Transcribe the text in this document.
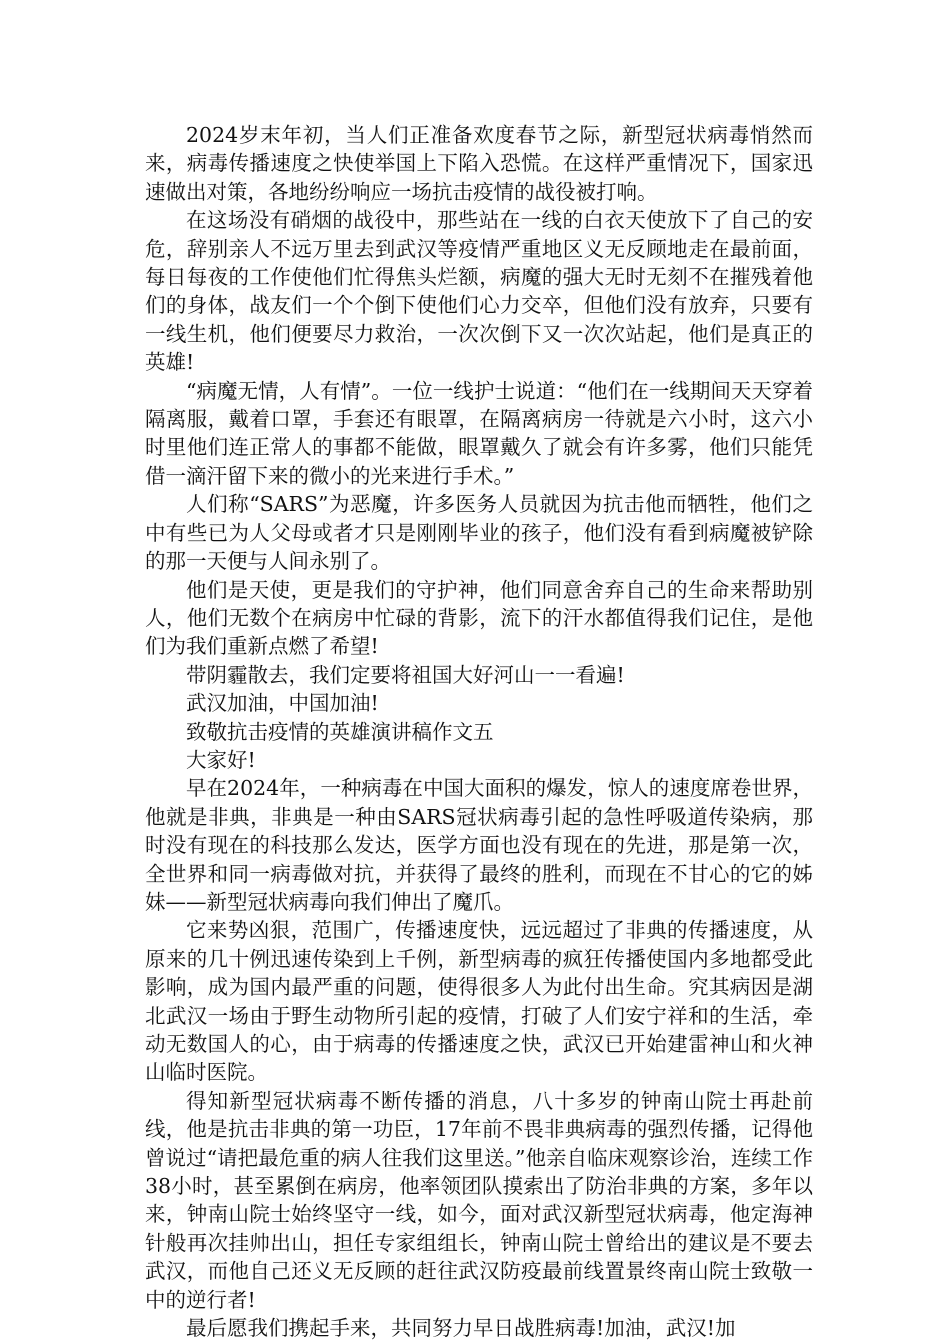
2024岁末年初，当人们正准备欢度春节之际，新型冠状病毒悄然而来，病毒传播速度之快使举国上下陷入恐慌。在这样严重情况下，国家迅速做出对策，各地纷纷响应一场抗击疫情的战役被打响。

在这场没有硝烟的战役中，那些站在一线的白衣天使放下了自己的安危，辞别亲人不远万里去到武汉等疫情严重地区义无反顾地走在最前面，每日每夜的工作使他们忙得焦头烂额，病魔的强大无时无刻不在摧残着他们的身体，战友们一个个倒下使他们心力交卒，但他们没有放弃，只要有一线生机，他们便要尽力救治，一次次倒下又一次次站起，他们是真正的英雄!

“病魔无情，人有情”。一位一线护士说道：“他们在一线期间天天穿着隔离服，戴着口罩，手套还有眼罩，在隔离病房一待就是六小时，这六小时里他们连正常人的事都不能做，眼罩戴久了就会有许多雾，他们只能凭借一滴汗留下来的微小的光来进行手术。”

人们称“SARS”为恶魔，许多医务人员就因为抗击他而牺牲，他们之中有些已为人父母或者才只是刚刚毕业的孩子，他们没有看到病魔被铲除的那一天便与人间永别了。

他们是天使，更是我们的守护神，他们同意舍弃自己的生命来帮助别人，他们无数个在病房中忙碌的背影，流下的汗水都值得我们记住，是他们为我们重新点燃了希望!

带阴霾散去，我们定要将祖国大好河山一一看遍!

武汉加油，中国加油!

致敬抗击疫情的英雄演讲稿作文五

大家好!

早在2024年，一种病毒在中国大面积的爆发，惊人的速度席卷世界，他就是非典，非典是一种由SARS冠状病毒引起的急性呼吸道传染病，那时没有现在的科技那么发达，医学方面也没有现在的先进，那是第一次，全世界和同一病毒做对抗，并获得了最终的胜利，而现在不甘心的它的姊妹——新型冠状病毒向我们伸出了魔爪。

它来势凶狠，范围广，传播速度快，远远超过了非典的传播速度，从原来的几十例迅速传染到上千例，新型病毒的疯狂传播使国内多地都受此影响，成为国内最严重的问题，使得很多人为此付出生命。究其病因是湖北武汉一场由于野生动物所引起的疫情，打破了人们安宁祥和的生活，牵动无数国人的心，由于病毒的传播速度之快，武汉已开始建雷神山和火神山临时医院。

得知新型冠状病毒不断传播的消息，八十多岁的钟南山院士再赴前线，他是抗击非典的第一功臣，17年前不畏非典病毒的强烈传播，记得他曾说过“请把最危重的病人往我们这里送。”他亲自临床观察诊治，连续工作38小时，甚至累倒在病房，他率领团队摸索出了防治非典的方案，多年以来，钟南山院士始终坚守一线，如今，面对武汉新型冠状病毒，他定海神针般再次挂帅出山，担任专家组组长，钟南山院士曾给出的建议是不要去武汉，而他自己还义无反顾的赶往武汉防疫最前线置景终南山院士致敬一中的逆行者!

最后愿我们携起手来，共同努力早日战胜病毒!加油，武汉!加
